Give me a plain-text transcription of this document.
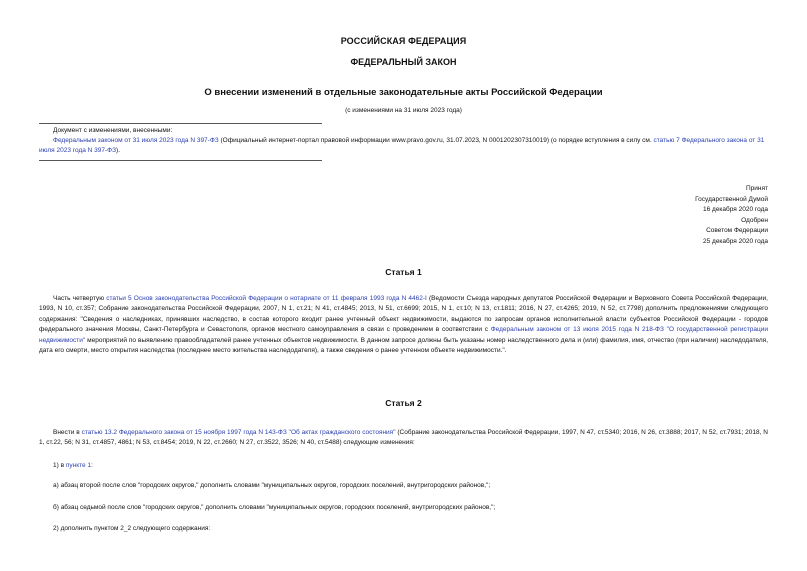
РОССИЙСКАЯ ФЕДЕРАЦИЯ
ФЕДЕРАЛЬНЫЙ ЗАКОН
О внесении изменений в отдельные законодательные акты Российской Федерации
(с изменениями на 31 июля 2023 года)
Документ с изменениями, внесенными:
Федеральным законом от 31 июля 2023 года N 397-ФЗ (Официальный интернет-портал правовой информации www.pravo.gov.ru, 31.07.2023, N 0001202307310019) (о порядке вступления в силу см. статью 7 Федерального закона от 31 июля 2023 года N 397-ФЗ).
Принят
Государственной Думой
16 декабря 2020 года
Одобрен
Советом Федерации
25 декабря 2020 года
Статья 1
Часть четвертую статьи 5 Основ законодательства Российской Федерации о нотариате от 11 февраля 1993 года N 4462-I (Ведомости Съезда народных депутатов Российской Федерации и Верховного Совета Российской Федерации, 1993, N 10, ст.357; Собрание законодательства Российской Федерации, 2007, N 1, ст.21; N 41, ст.4845; 2013, N 51, ст.6699; 2015, N 1, ст.10; N 13, ст.1811; 2016, N 27, ст.4265; 2019, N 52, ст.7798) дополнить предложениями следующего содержания: "Сведения о наследниках, принявших наследство, в состав которого входит ранее учтенный объект недвижимости, выдаются по запросам органов исполнительной власти субъектов Российской Федерации - городов федерального значения Москвы, Санкт-Петербурга и Севастополя, органов местного самоуправления в связи с проведением в соответствии с Федеральным законом от 13 июля 2015 года N 218-ФЗ "О государственной регистрации недвижимости" мероприятий по выявлению правообладателей ранее учтенных объектов недвижимости. В данном запросе должны быть указаны номер наследственного дела и (или) фамилия, имя, отчество (при наличии) наследодателя, дата его смерти, место открытия наследства (последнее место жительства наследодателя), а также сведения о ранее учтенном объекте недвижимости.".
Статья 2
Внести в статью 13.2 Федерального закона от 15 ноября 1997 года N 143-ФЗ "Об актах гражданского состояния" (Собрание законодательства Российской Федерации, 1997, N 47, ст.5340; 2016, N 26, ст.3888; 2017, N 52, ст.7931; 2018, N 1, ст.22, 56; N 31, ст.4857, 4861; N 53, ст.8454; 2019, N 22, ст.2660; N 27, ст.3522, 3526; N 40, ст.5488) следующие изменения:
1) в пункте 1:
а) абзац второй после слов "городских округов," дополнить словами "муниципальных округов, городских поселений, внутригородских районов,";
б) абзац седьмой после слов "городских округов," дополнить словами "муниципальных округов, городских поселений, внутригородских районов,";
2) дополнить пунктом 2_2 следующего содержания:
